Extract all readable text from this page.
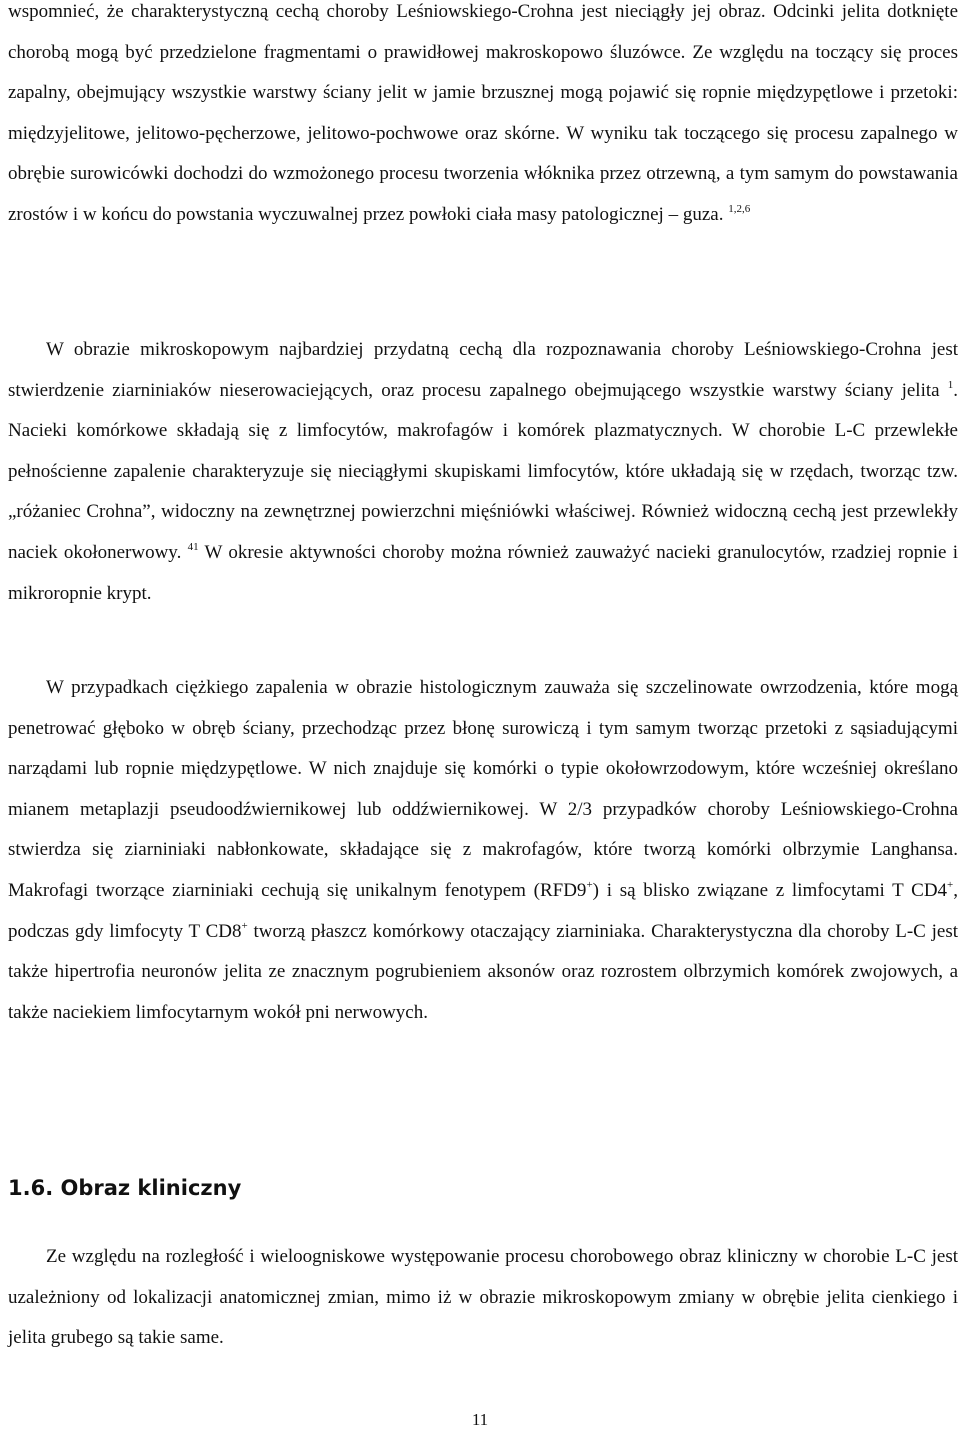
wspomnieć, że charakterystyczną cechą choroby Leśniowskiego-Crohna jest nieciągły jej obraz. Odcinki jelita dotknięte chorobą mogą być przedzielone fragmentami o prawidłowej makroskopowo śluzówce. Ze względu na toczący się proces zapalny, obejmujący wszystkie warstwy ściany jelit w jamie brzusznej mogą pojawić się ropnie międzypętlowe i przetoki: międzyjelitowe, jelitowo-pęcherzowe, jelitowo-pochwowe oraz skórne. W wyniku tak toczącego się procesu zapalnego w obrębie surowicówki dochodzi do wzmożonego procesu tworzenia włóknika przez otrzewną, a tym samym do powstawania zrostów i w końcu do powstania wyczuwalnej przez powłoki ciała masy patologicznej – guza. $^{1,2,6}$

W obrazie mikroskopowym najbardziej przydatną cechą dla rozpoznawania choroby Leśniowskiego-Crohna jest stwierdzenie ziarniniaków nieserowaciejących, oraz procesu zapalnego obejmującego wszystkie warstwy ściany jelita $^1$. Nacieki komórkowe składają się z limfocytów, makrofagów i komórek plazmatycznych. W chorobie L-C przewlekłe pełnościenne zapalenie charakteryzuje się nieciągłymi skupiskami limfocytów, które układają się w rzędach, tworząc tzw. „różaniec Crohna”, widoczny na zewnętrznej powierzchni mięśniówki właściwej. Również widoczną cechą jest przewlekły naciek okołonerwowy. $^{41}$ W okresie aktywności choroby można również zauważyć nacieki granulocytów, rzadziej ropnie i mikroropnie krypt.

W przypadkach ciężkiego zapalenia w obrazie histologicznym zauważa się szczelinowate owrzodzenia, które mogą penetrować głęboko w obręb ściany, przechodząc przez błonę surowiczą i tym samym tworząc przetoki z sąsiadującymi narządami lub ropnie międzypętlowe. W nich znajduje się komórki o typie okołowrzodowym, które wcześniej określano mianem metaplazji pseudoodźwiernikowej lub oddźwiernikowej. W 2/3 przypadków choroby Leśniowskiego-Crohna stwierdza się ziarniniaki nabłonkowate, składające się z makrofagów, które tworzą komórki olbrzymie Langhansa. Makrofagi tworzące ziarniniaki cechują się unikalnym fenotypem (RFD9+) i są blisko związane z limfocytami T CD4+, podczas gdy limfocyty T CD8+ tworzą płaszcz komórkowy otaczający ziarniniaka. Charakterystyczna dla choroby L-C jest także hipertrofia neuronów jelita ze znacznym pogrubieniem aksonów oraz rozrostem olbrzymich komórek zwojowych, a także naciekiem limfocytarnym wokół pni nerwowych.

1.6. Obraz kliniczny

Ze względu na rozległość i wieloogniskowe występowanie procesu chorobowego obraz kliniczny w chorobie L-C jest uzależniony od lokalizacji anatomicznej zmian, mimo iż w obrazie mikroskopowym zmiany w obrębie jelita cienkiego i jelita grubego są takie same.

11
